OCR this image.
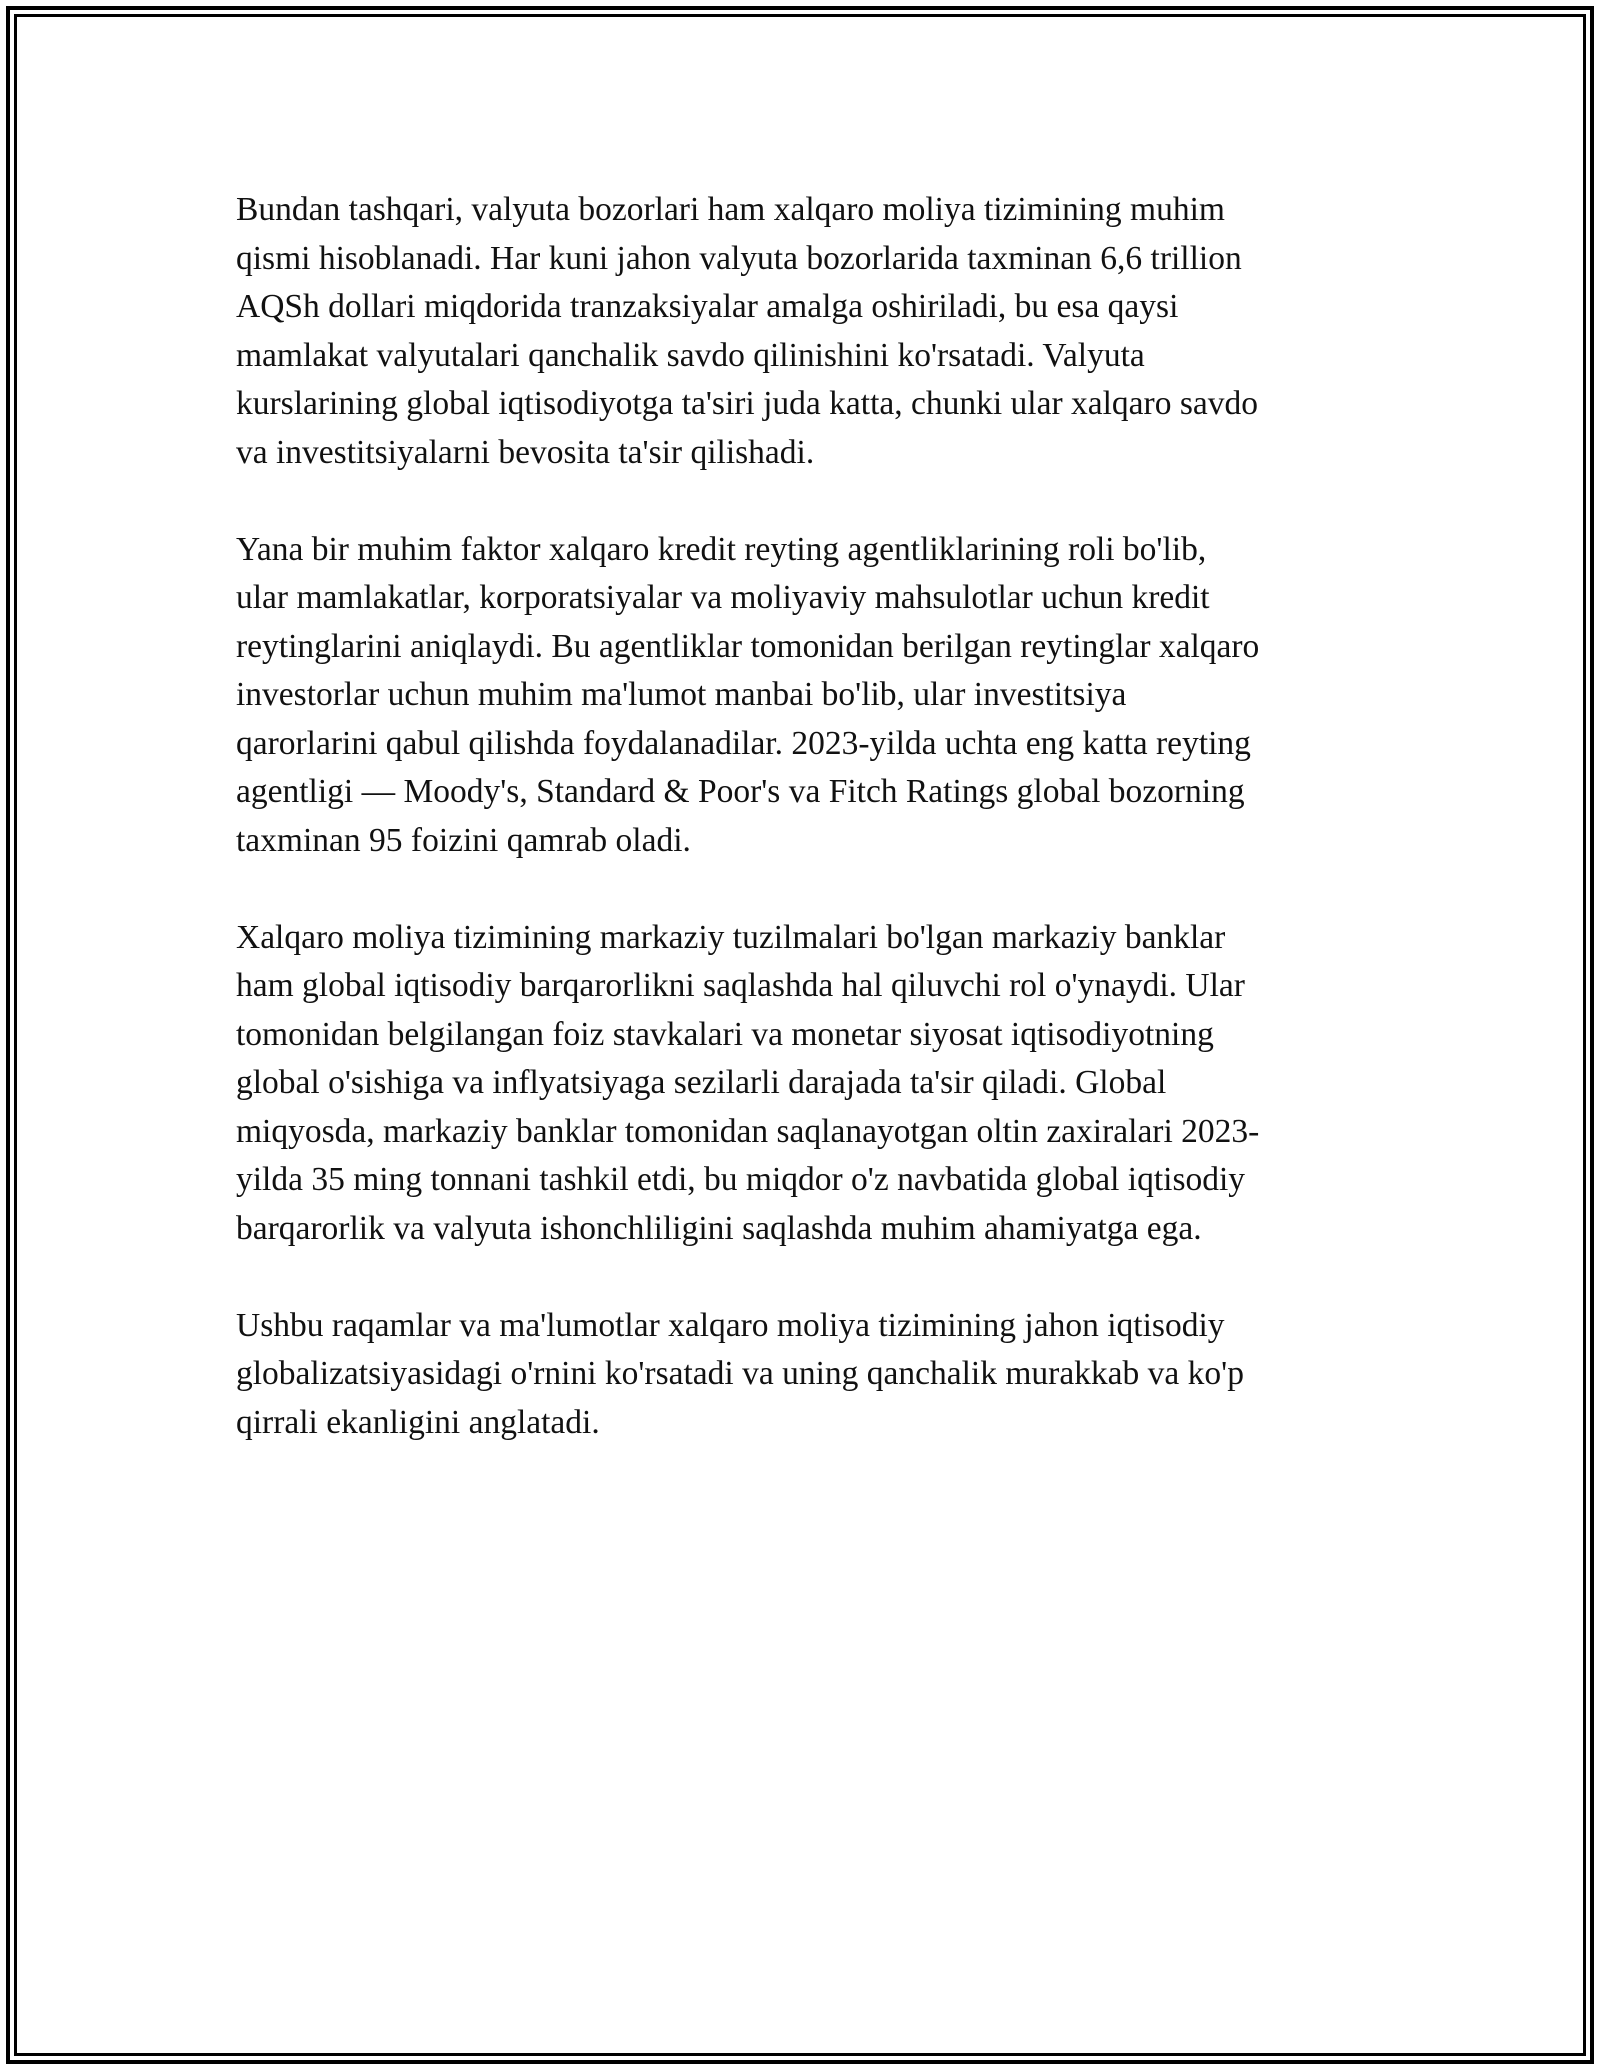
Bundan tashqari, valyuta bozorlari ham xalqaro moliya tizimining muhim
qismi hisoblanadi. Har kuni jahon valyuta bozorlarida taxminan 6,6 trillion
AQSh dollari miqdorida tranzaksiyalar amalga oshiriladi, bu esa qaysi
mamlakat valyutalari qanchalik savdo qilinishini ko'rsatadi. Valyuta
kurslarining global iqtisodiyotga ta'siri juda katta, chunki ular xalqaro savdo
va investitsiyalarni bevosita ta'sir qilishadi.

Yana bir muhim faktor xalqaro kredit reyting agentliklarining roli bo'lib,
ular mamlakatlar, korporatsiyalar va moliyaviy mahsulotlar uchun kredit
reytinglarini aniqlaydi. Bu agentliklar tomonidan berilgan reytinglar xalqaro
investorlar uchun muhim ma'lumot manbai bo'lib, ular investitsiya
qarorlarini qabul qilishda foydalanadilar. 2023-yilda uchta eng katta reyting
agentligi — Moody's, Standard & Poor's va Fitch Ratings global bozorning
taxminan 95 foizini qamrab oladi.

Xalqaro moliya tizimining markaziy tuzilmalari bo'lgan markaziy banklar
ham global iqtisodiy barqarorlikni saqlashda hal qiluvchi rol o'ynaydi. Ular
tomonidan belgilangan foiz stavkalari va monetar siyosat iqtisodiyotning
global o'sishiga va inflyatsiyaga sezilarli darajada ta'sir qiladi. Global
miqyosda, markaziy banklar tomonidan saqlanayotgan oltin zaxiralari 2023-
yilda 35 ming tonnani tashkil etdi, bu miqdor o'z navbatida global iqtisodiy
barqarorlik va valyuta ishonchliligini saqlashda muhim ahamiyatga ega.

Ushbu raqamlar va ma'lumotlar xalqaro moliya tizimining jahon iqtisodiy
globalizatsiyasidagi o'rnini ko'rsatadi va uning qanchalik murakkab va ko'p
qirrali ekanligini anglatadi.
